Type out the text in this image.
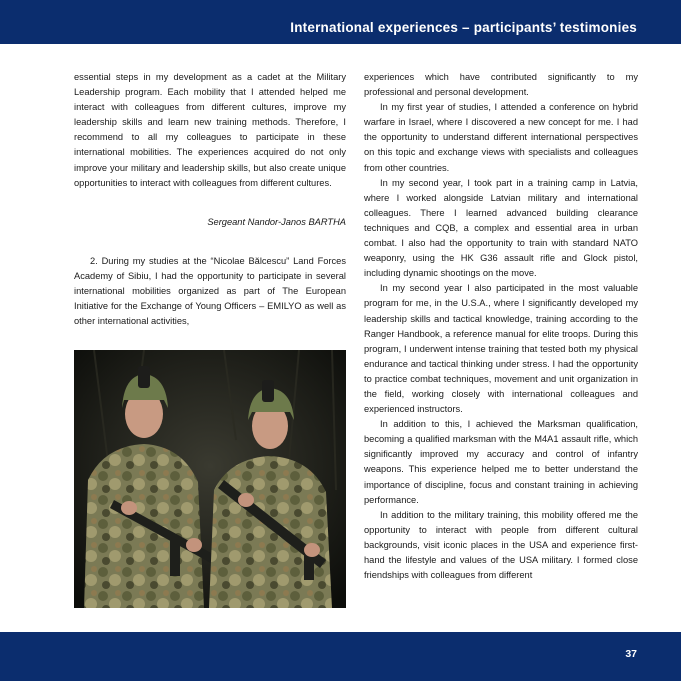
International experiences – participants’ testimonies

essential steps in my development as a cadet at the Military Leadership program. Each mobility that I attended helped me interact with colleagues from different cultures, improve my leadership skills and learn new training methods. Therefore, I recommend to all my colleagues to participate in these international mobilities. The experiences acquired do not only improve your military and leadership skills, but also create unique opportunities to interact with colleagues from different cultures.

Sergeant Nandor-Janos BARTHA

2. During my studies at the “Nicolae Bălcescu” Land Forces Academy of Sibiu, I had the opportunity to participate in several international mobilities organized as part of The European Initiative for the Exchange of Young Officers – EMILYO as well as other international activities,

experiences which have contributed significantly to my professional and personal development.

In my first year of studies, I attended a conference on hybrid warfare in Israel, where I discovered a new concept for me. I had the opportunity to understand different international perspectives on this topic and exchange views with specialists and colleagues from other countries.

In my second year, I took part in a training camp in Latvia, where I worked alongside Latvian military and international colleagues. There I learned advanced building clearance techniques and CQB, a complex and essential area in urban combat. I also had the opportunity to train with standard NATO weaponry, using the HK G36 assault rifle and Glock pistol, including dynamic shootings on the move.

In my second year I also participated in the most valuable program for me, in the U.S.A., where I significantly developed my leadership skills and tactical knowledge, training according to the Ranger Handbook, a reference manual for elite troops. During this program, I underwent intense training that tested both my physical endurance and tactical thinking under stress. I had the opportunity to practice combat techniques, movement and unit organization in the field, working closely with international colleagues and experienced instructors.

In addition to this, I achieved the Marksman qualification, becoming a qualified marksman with the M4A1 assault rifle, which significantly improved my accuracy and control of infantry weapons. This experience helped me to better understand the importance of discipline, focus and constant training in achieving performance.

In addition to the military training, this mobility offered me the opportunity to interact with people from different cultural backgrounds, visit iconic places in the USA and experience first-hand the lifestyle and values of the USA military. I formed close friendships with colleagues from different

37
